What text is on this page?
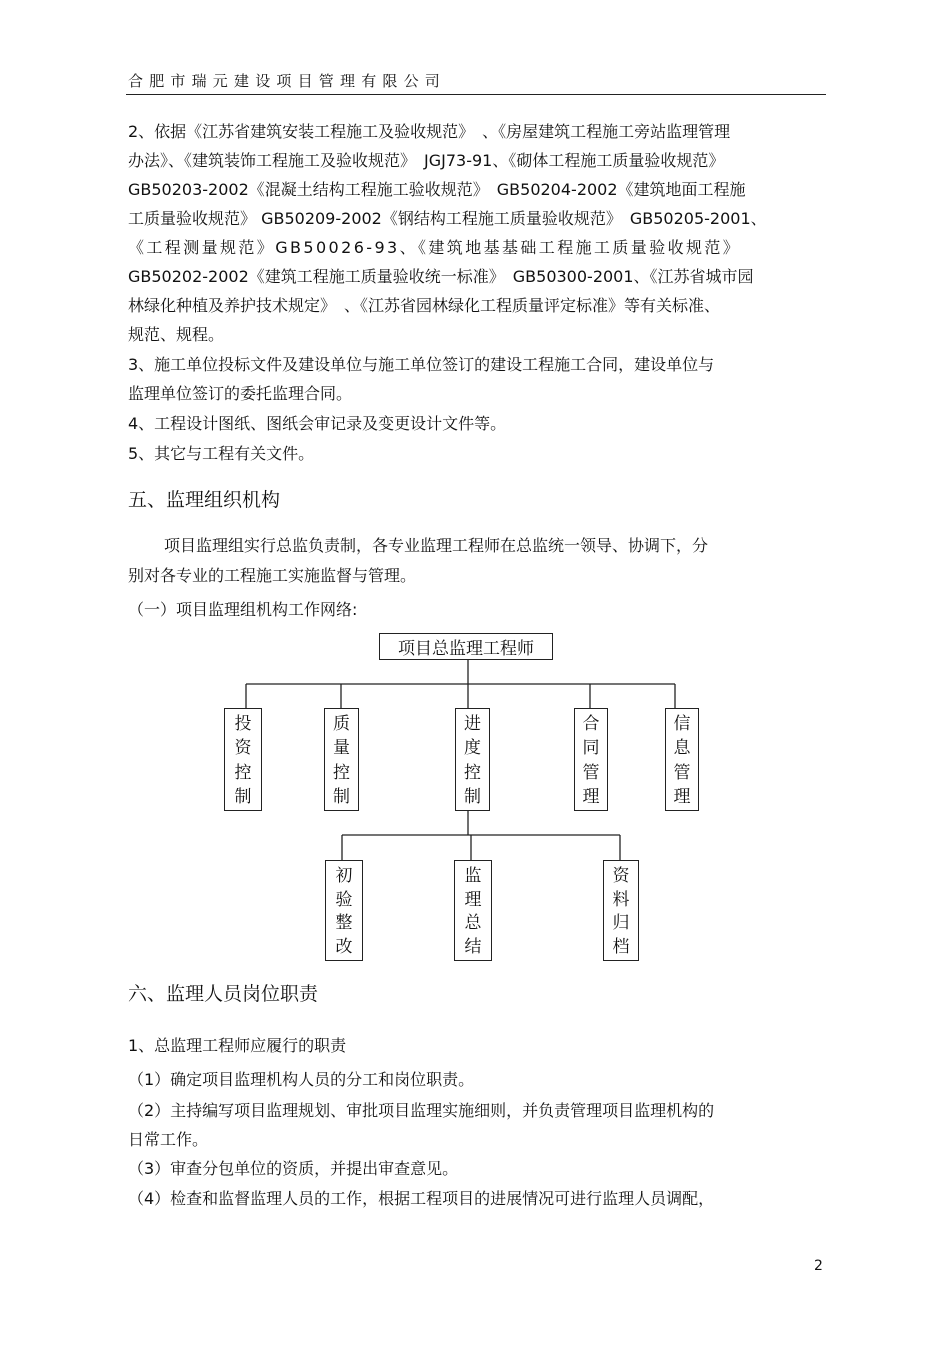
合肥市瑞元建设项目管理有限公司
2、依据《江苏省建筑安装工程施工及验收规范》　、《房屋建筑工程施工旁站监理管理
办法》、《建筑装饰工程施工及验收规范》　JGJ73-91、《砌体工程施工质量验收规范》
GB50203-2002《混凝土结构工程施工验收规范》　GB50204-2002《建筑地面工程施
工质量验收规范》 GB50209-2002《钢结构工程施工质量验收规范》　GB50205-2001、
《工程测量规范》GB50026-93、《建筑地基基础工程施工质量验收规范》
GB50202-2002《建筑工程施工质量验收统一标准》　GB50300-2001、《江苏省城市园
林绿化种植及养护技术规定》　、《江苏省园林绿化工程质量评定标准》等有关标准、
规范、规程。
3、施工单位投标文件及建设单位与施工单位签订的建设工程施工合同，建设单位与
监理单位签订的委托监理合同。
4、工程设计图纸、图纸会审记录及变更设计文件等。
5、其它与工程有关文件。
五、监理组织机构
项目监理组实行总监负责制，各专业监理工程师在总监统一领导、协调下，分
别对各专业的工程施工实施监督与管理。
（一）项目监理组机构工作网络:
项目总监理工程师
投
资
控
制
质
量
控
制
进
度
控
制
合
同
管
理
信
息
管
理
初
验
整
改
监
理
总
结
资
料
归
档
六、监理人员岗位职责
1、总监理工程师应履行的职责
（1）确定项目监理机构人员的分工和岗位职责。
（2）主持编写项目监理规划、审批项目监理实施细则，并负责管理项目监理机构的
日常工作。
（3）审查分包单位的资质，并提出审查意见。
（4）检查和监督监理人员的工作，根据工程项目的进展情况可进行监理人员调配，
2
